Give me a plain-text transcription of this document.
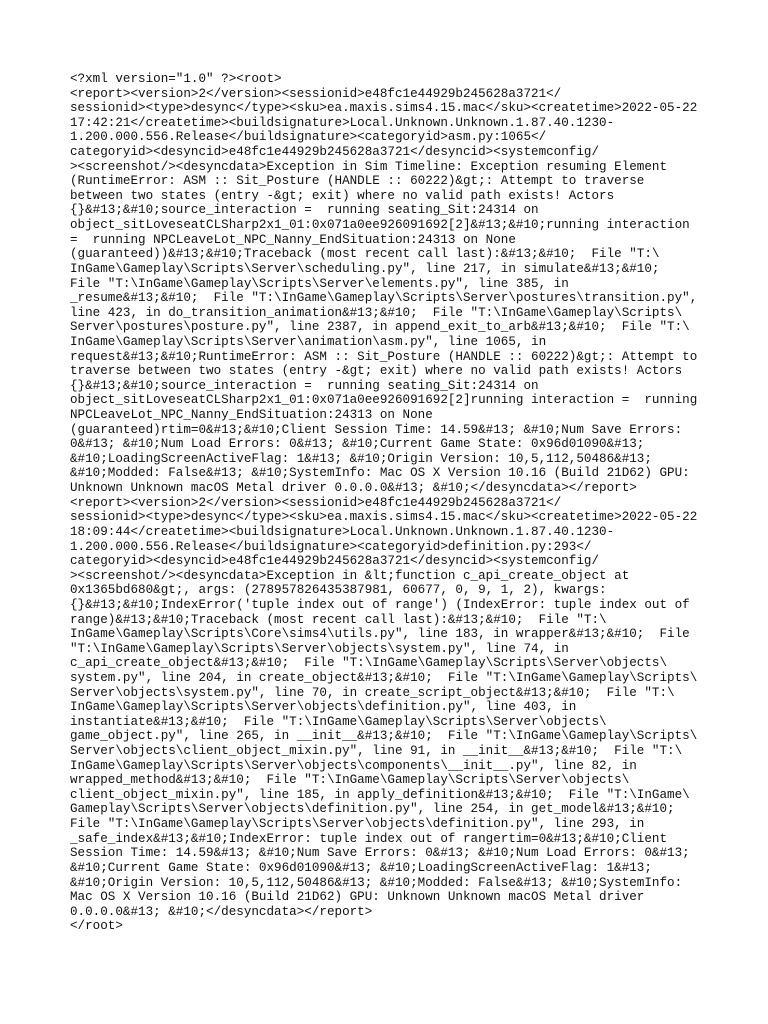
<?xml version="1.0" ?><root>
<report><version>2</version><sessionid>e48fc1e44929b245628a3721</
sessionid><type>desync</type><sku>ea.maxis.sims4.15.mac</sku><createtime>2022-05-22
17:42:21</createtime><buildsignature>Local.Unknown.Unknown.1.87.40.1230-
1.200.000.556.Release</buildsignature><categoryid>asm.py:1065</
categoryid><desyncid>e48fc1e44929b245628a3721</desyncid><systemconfig/
><screenshot/><desyncdata>Exception in Sim Timeline: Exception resuming Element
(RuntimeError: ASM :: Sit_Posture (HANDLE :: 60222)&gt;: Attempt to traverse
between two states (entry -&gt; exit) where no valid path exists! Actors
{}&#13;&#10;source_interaction =  running seating_Sit:24314 on
object_sitLoveseatCLSharp2x1_01:0x071a0ee926091692[2]&#13;&#10;running interaction
=  running NPCLeaveLot_NPC_Nanny_EndSituation:24313 on None
(guaranteed))&#13;&#10;Traceback (most recent call last):&#13;&#10;  File "T:\
InGame\Gameplay\Scripts\Server\scheduling.py", line 217, in simulate&#13;&#10;
File "T:\InGame\Gameplay\Scripts\Server\elements.py", line 385, in
_resume&#13;&#10;  File "T:\InGame\Gameplay\Scripts\Server\postures\transition.py",
line 423, in do_transition_animation&#13;&#10;  File "T:\InGame\Gameplay\Scripts\
Server\postures\posture.py", line 2387, in append_exit_to_arb&#13;&#10;  File "T:\
InGame\Gameplay\Scripts\Server\animation\asm.py", line 1065, in
request&#13;&#10;RuntimeError: ASM :: Sit_Posture (HANDLE :: 60222)&gt;: Attempt to
traverse between two states (entry -&gt; exit) where no valid path exists! Actors
{}&#13;&#10;source_interaction =  running seating_Sit:24314 on
object_sitLoveseatCLSharp2x1_01:0x071a0ee926091692[2]running interaction =  running
NPCLeaveLot_NPC_Nanny_EndSituation:24313 on None
(guaranteed)rtim=0&#13;&#10;Client Session Time: 14.59&#13; &#10;Num Save Errors:
0&#13; &#10;Num Load Errors: 0&#13; &#10;Current Game State: 0x96d01090&#13;
&#10;LoadingScreenActiveFlag: 1&#13; &#10;Origin Version: 10,5,112,50486&#13;
&#10;Modded: False&#13; &#10;SystemInfo: Mac OS X Version 10.16 (Build 21D62) GPU:
Unknown Unknown macOS Metal driver 0.0.0.0&#13; &#10;</desyncdata></report>
<report><version>2</version><sessionid>e48fc1e44929b245628a3721</
sessionid><type>desync</type><sku>ea.maxis.sims4.15.mac</sku><createtime>2022-05-22
18:09:44</createtime><buildsignature>Local.Unknown.Unknown.1.87.40.1230-
1.200.000.556.Release</buildsignature><categoryid>definition.py:293</
categoryid><desyncid>e48fc1e44929b245628a3721</desyncid><systemconfig/
><screenshot/><desyncdata>Exception in &lt;function c_api_create_object at
0x1365bd680&gt;, args: (278957826435387981, 60677, 0, 9, 1, 2), kwargs:
{}&#13;&#10;IndexError('tuple index out of range') (IndexError: tuple index out of
range)&#13;&#10;Traceback (most recent call last):&#13;&#10;  File "T:\
InGame\Gameplay\Scripts\Core\sims4\utils.py", line 183, in wrapper&#13;&#10;  File
"T:\InGame\Gameplay\Scripts\Server\objects\system.py", line 74, in
c_api_create_object&#13;&#10;  File "T:\InGame\Gameplay\Scripts\Server\objects\
system.py", line 204, in create_object&#13;&#10;  File "T:\InGame\Gameplay\Scripts\
Server\objects\system.py", line 70, in create_script_object&#13;&#10;  File "T:\
InGame\Gameplay\Scripts\Server\objects\definition.py", line 403, in
instantiate&#13;&#10;  File "T:\InGame\Gameplay\Scripts\Server\objects\
game_object.py", line 265, in __init__&#13;&#10;  File "T:\InGame\Gameplay\Scripts\
Server\objects\client_object_mixin.py", line 91, in __init__&#13;&#10;  File "T:\
InGame\Gameplay\Scripts\Server\objects\components\__init__.py", line 82, in
wrapped_method&#13;&#10;  File "T:\InGame\Gameplay\Scripts\Server\objects\
client_object_mixin.py", line 185, in apply_definition&#13;&#10;  File "T:\InGame\
Gameplay\Scripts\Server\objects\definition.py", line 254, in get_model&#13;&#10;
File "T:\InGame\Gameplay\Scripts\Server\objects\definition.py", line 293, in
_safe_index&#13;&#10;IndexError: tuple index out of rangertim=0&#13;&#10;Client
Session Time: 14.59&#13; &#10;Num Save Errors: 0&#13; &#10;Num Load Errors: 0&#13;
&#10;Current Game State: 0x96d01090&#13; &#10;LoadingScreenActiveFlag: 1&#13;
&#10;Origin Version: 10,5,112,50486&#13; &#10;Modded: False&#13; &#10;SystemInfo:
Mac OS X Version 10.16 (Build 21D62) GPU: Unknown Unknown macOS Metal driver
0.0.0.0&#13; &#10;</desyncdata></report>
</root>
